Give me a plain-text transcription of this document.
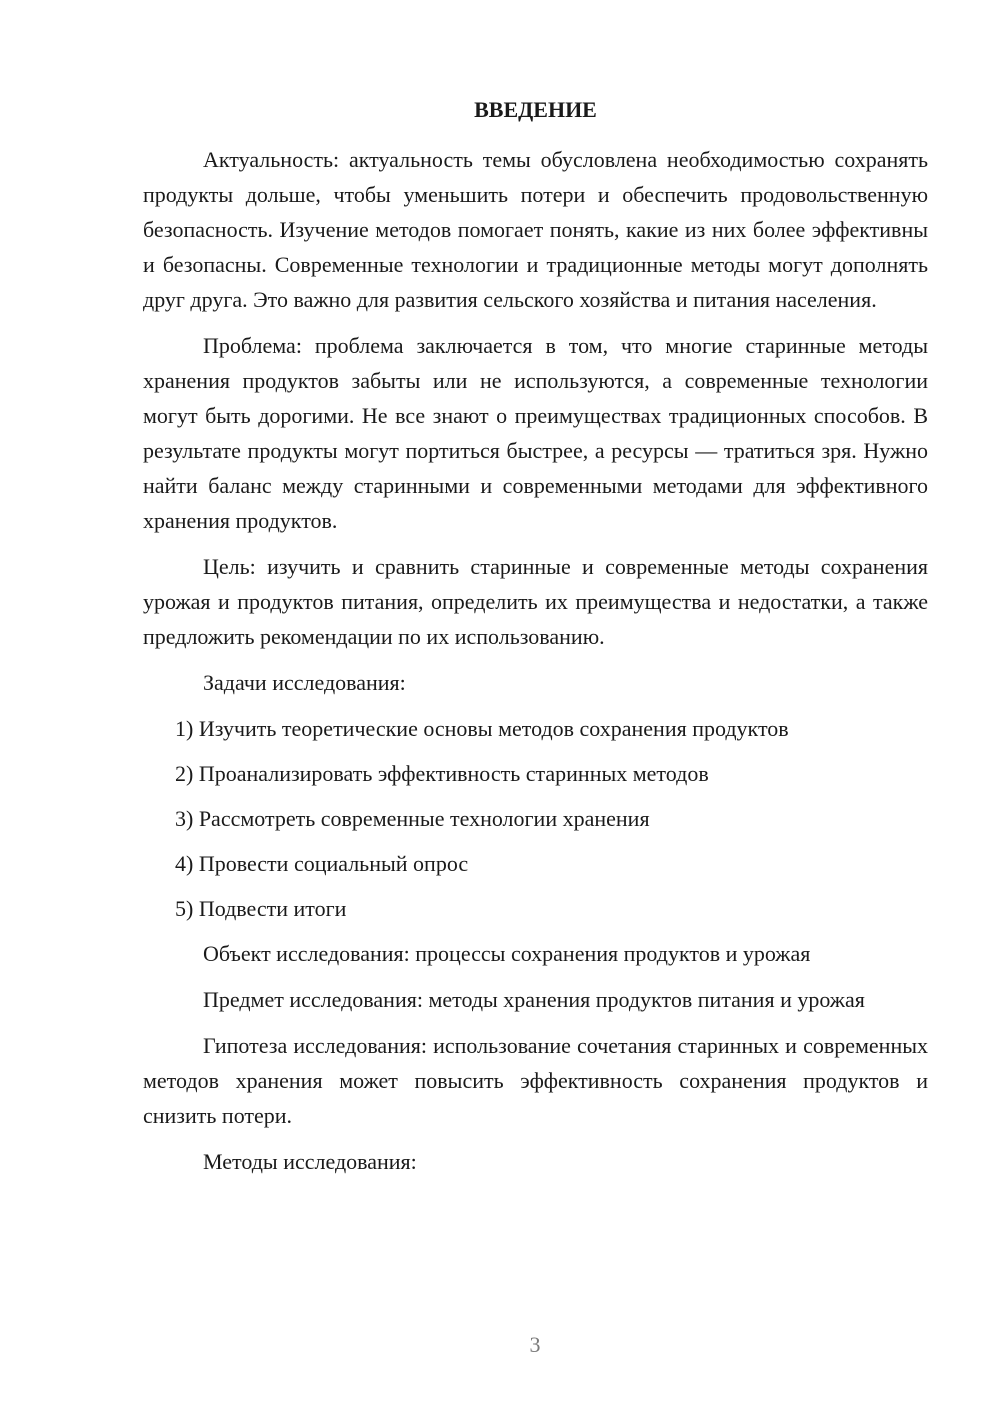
ВВЕДЕНИЕ

Актуальность: актуальность темы обусловлена необходимостью сохранять продукты дольше, чтобы уменьшить потери и обеспечить продовольственную безопасность. Изучение методов помогает понять, какие из них более эффективны и безопасны. Современные технологии и традиционные методы могут дополнять друг друга. Это важно для развития сельского хозяйства и питания населения.

Проблема: проблема заключается в том, что многие старинные методы хранения продуктов забыты или не используются, а современные технологии могут быть дорогими. Не все знают о преимуществах традиционных способов. В результате продукты могут портиться быстрее, а ресурсы — тратиться зря. Нужно найти баланс между старинными и современными методами для эффективного хранения продуктов.

Цель: изучить и сравнить старинные и современные методы сохранения урожая и продуктов питания, определить их преимущества и недостатки, а также предложить рекомендации по их использованию.

Задачи исследования:

1) Изучить теоретические основы методов сохранения продуктов
2) Проанализировать эффективность старинных методов
3) Рассмотреть современные технологии хранения
4) Провести социальный опрос
5) Подвести итоги

Объект исследования: процессы сохранения продуктов и урожая

Предмет исследования: методы хранения продуктов питания и урожая

Гипотеза исследования: использование сочетания старинных и современных методов хранения может повысить эффективность сохранения продуктов и снизить потери.

Методы исследования:

3
